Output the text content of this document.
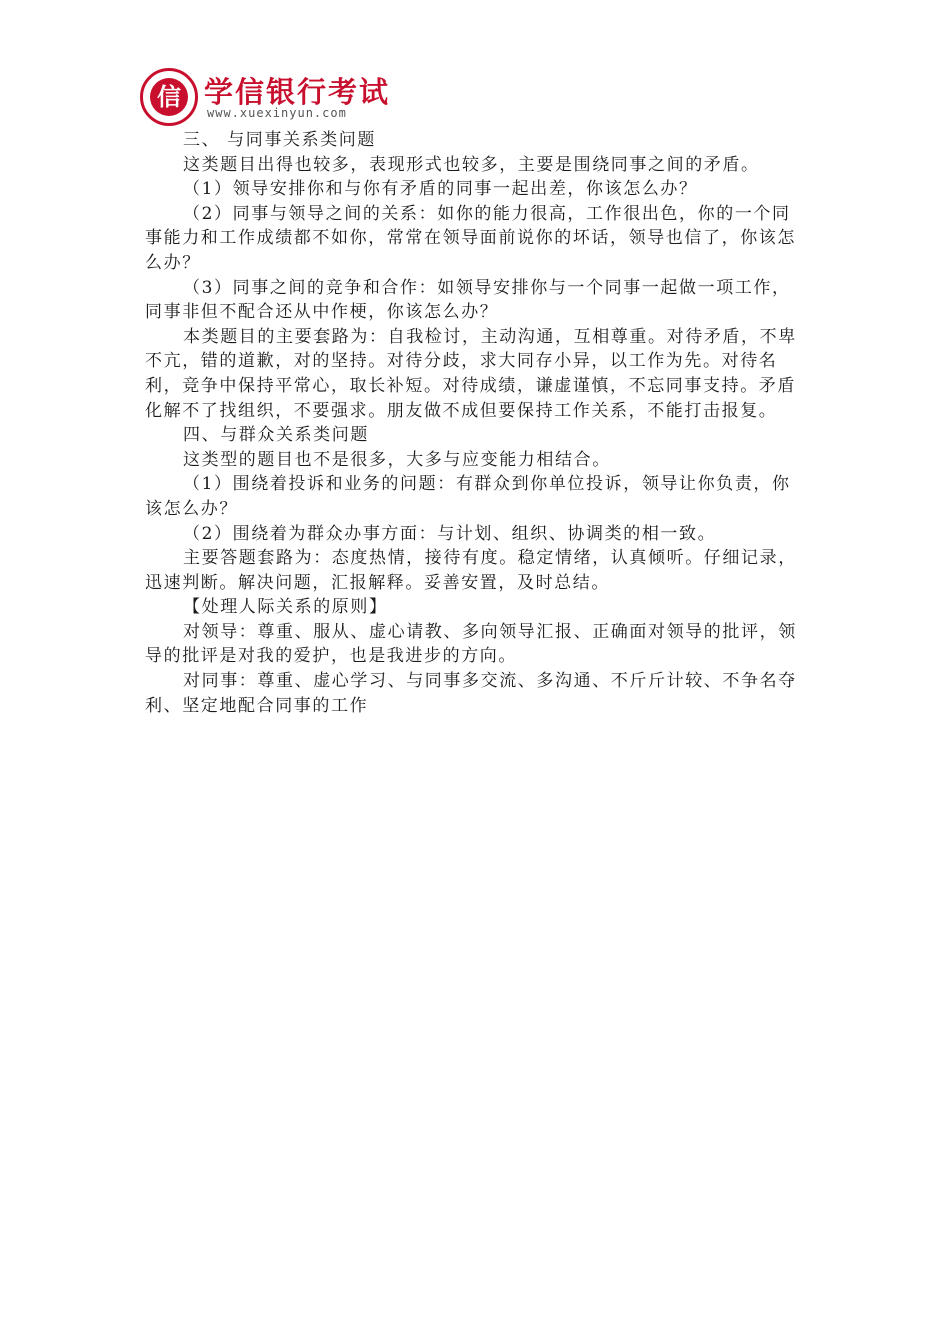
信 学信银行考试
www.xuexinyun.com

三、 与同事关系类问题

这类题目出得也较多，表现形式也较多，主要是围绕同事之间的矛盾。

（1）领导安排你和与你有矛盾的同事一起出差，你该怎么办？

（2）同事与领导之间的关系：如你的能力很高，工作很出色，你的一个同事能力和工作成绩都不如你，常常在领导面前说你的坏话，领导也信了，你该怎么办？

（3）同事之间的竞争和合作：如领导安排你与一个同事一起做一项工作，同事非但不配合还从中作梗，你该怎么办？

本类题目的主要套路为：自我检讨，主动沟通，互相尊重。对待矛盾，不卑不亢，错的道歉，对的坚持。对待分歧，求大同存小异，以工作为先。对待名利，竞争中保持平常心，取长补短。对待成绩，谦虚谨慎，不忘同事支持。矛盾化解不了找组织，不要强求。朋友做不成但要保持工作关系，不能打击报复。

四、与群众关系类问题

这类型的题目也不是很多，大多与应变能力相结合。

（1）围绕着投诉和业务的问题：有群众到你单位投诉，领导让你负责，你该怎么办？

（2）围绕着为群众办事方面：与计划、组织、协调类的相一致。

主要答题套路为：态度热情，接待有度。稳定情绪，认真倾听。仔细记录，迅速判断。解决问题，汇报解释。妥善安置，及时总结。

【处理人际关系的原则】

对领导：尊重、服从、虚心请教、多向领导汇报、正确面对领导的批评，领导的批评是对我的爱护，也是我进步的方向。

对同事：尊重、虚心学习、与同事多交流、多沟通、不斤斤计较、不争名夺利、坚定地配合同事的工作
